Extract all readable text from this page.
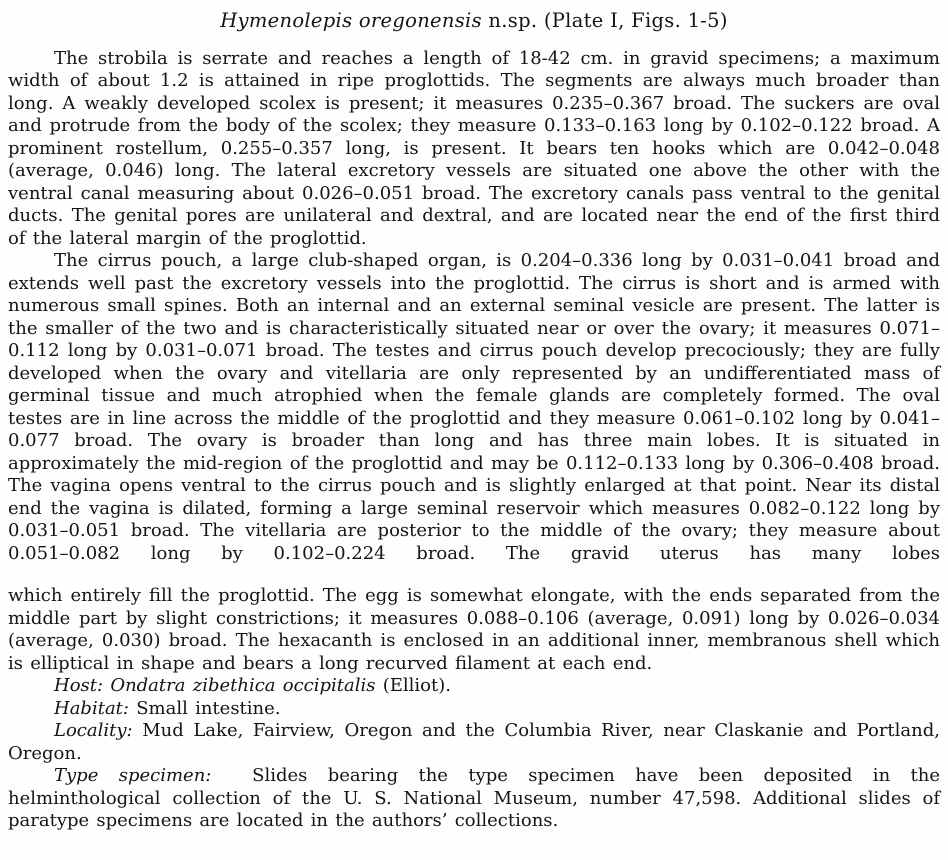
Hymenolepis oregonensis n.sp. (Plate I, Figs. 1-5)

The strobila is serrate and reaches a length of 18-42 cm. in gravid specimens; a maximum width of about 1.2 is attained in ripe proglottids. The segments are always much broader than long. A weakly developed scolex is present; it measures 0.235–0.367 broad. The suckers are oval and protrude from the body of the scolex; they measure 0.133–0.163 long by 0.102–0.122 broad. A prominent rostellum, 0.255–0.357 long, is present. It bears ten hooks which are 0.042–0.048 (average, 0.046) long. The lateral excretory vessels are situated one above the other with the ventral canal measuring about 0.026–0.051 broad. The excretory canals pass ventral to the genital ducts. The genital pores are unilateral and dextral, and are located near the end of the first third of the lateral margin of the proglottid.

The cirrus pouch, a large club-shaped organ, is 0.204–0.336 long by 0.031–0.041 broad and extends well past the excretory vessels into the proglottid. The cirrus is short and is armed with numerous small spines. Both an internal and an external seminal vesicle are present. The latter is the smaller of the two and is characteristically situated near or over the ovary; it measures 0.071–0.112 long by 0.031–0.071 broad. The testes and cirrus pouch develop precociously; they are fully developed when the ovary and vitellaria are only represented by an undifferentiated mass of germinal tissue and much atrophied when the female glands are completely formed. The oval testes are in line across the middle of the proglottid and they measure 0.061–0.102 long by 0.041–0.077 broad. The ovary is broader than long and has three main lobes. It is situated in approximately the mid-region of the proglottid and may be 0.112–0.133 long by 0.306–0.408 broad. The vagina opens ventral to the cirrus pouch and is slightly enlarged at that point. Near its distal end the vagina is dilated, forming a large seminal reservoir which measures 0.082–0.122 long by 0.031–0.051 broad. The vitellaria are posterior to the middle of the ovary; they measure about 0.051–0.082 long by 0.102–0.224 broad. The gravid uterus has many lobes

which entirely fill the proglottid. The egg is somewhat elongate, with the ends separated from the middle part by slight constrictions; it measures 0.088–0.106 (average, 0.091) long by 0.026–0.034 (average, 0.030) broad. The hexacanth is enclosed in an additional inner, membranous shell which is elliptical in shape and bears a long recurved filament at each end.

Host: Ondatra zibethica occipitalis (Elliot).

Habitat: Small intestine.

Locality: Mud Lake, Fairview, Oregon and the Columbia River, near Claskanie and Portland, Oregon.

Type specimen: Slides bearing the type specimen have been deposited in the helminthological collection of the U. S. National Museum, number 47,598. Additional slides of paratype specimens are located in the authors’ collections.
